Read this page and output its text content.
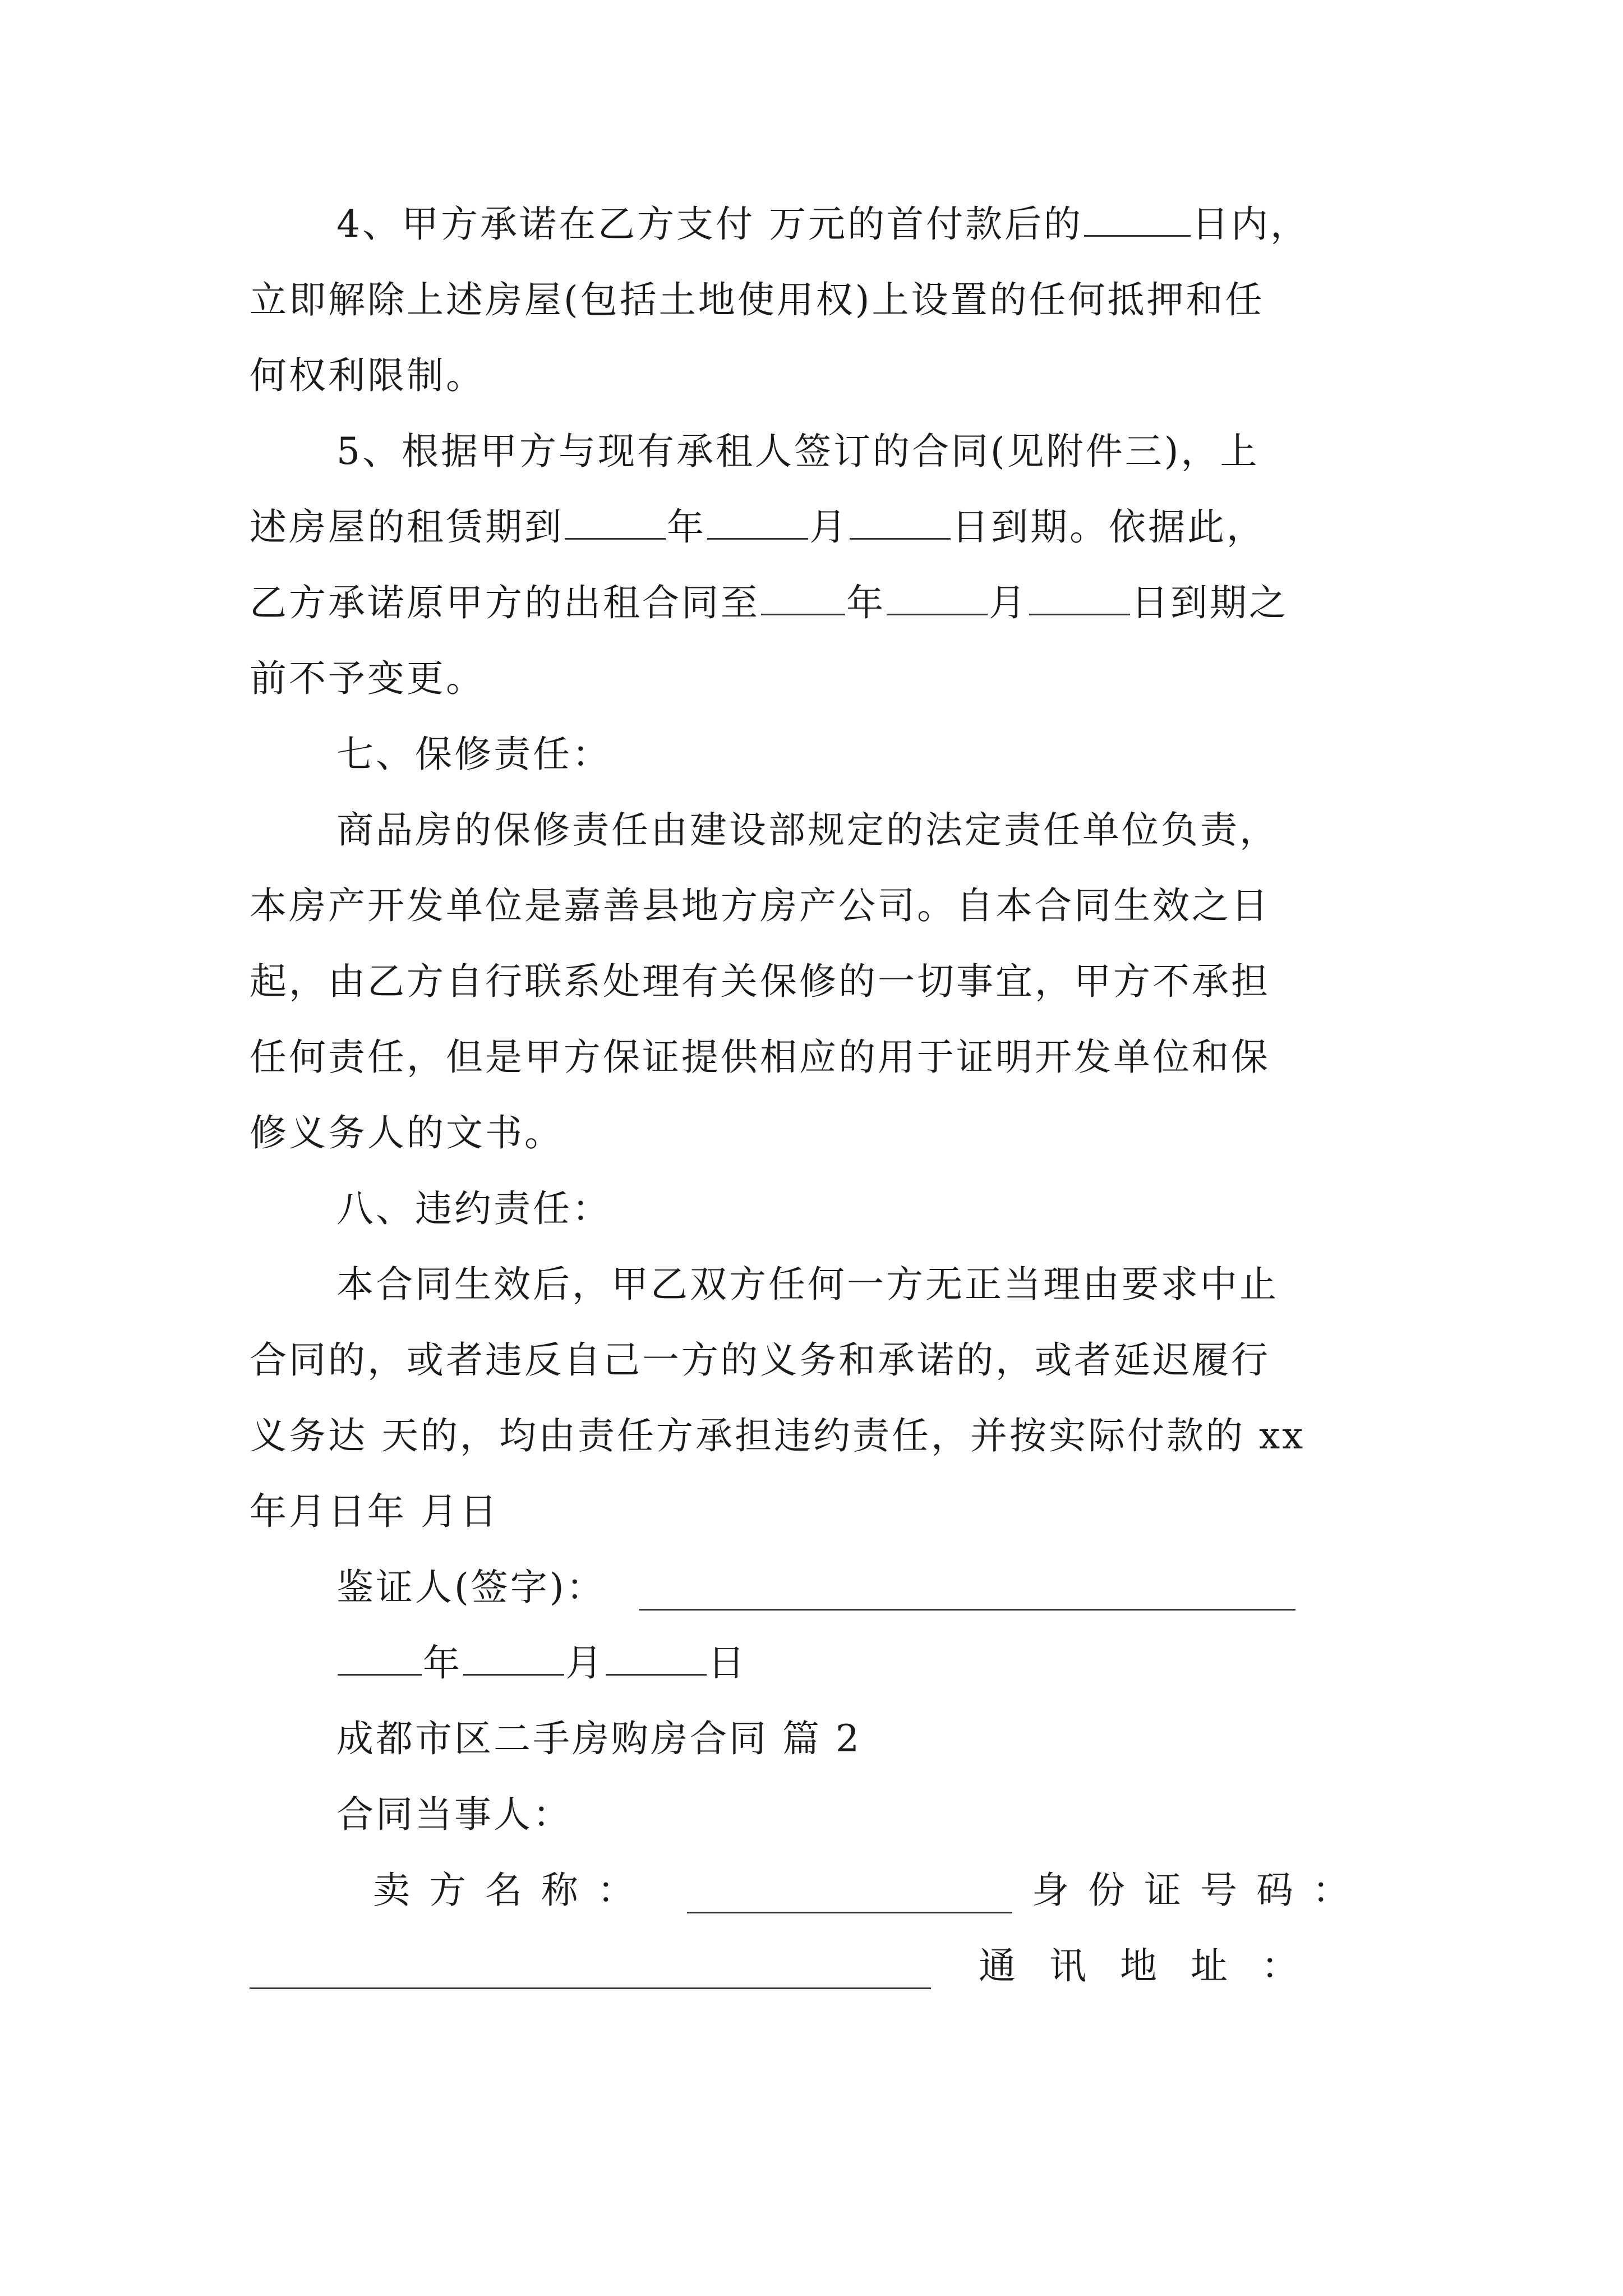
4、甲方承诺在乙方支付 万元的首付款后的	日内，
立即解除上述房屋(包括土地使用权)上设置的任何抵押和任
何权利限制。
5、根据甲方与现有承租人签订的合同(见附件三)，上
述房屋的租赁期到	年	月	日到期。依据此，
乙方承诺原甲方的出租合同至 年	月	日到期之
前不予变更。
七、保修责任：
商品房的保修责任由建设部规定的法定责任单位负责，
本房产开发单位是嘉善县地方房产公司。自本合同生效之日
起，由乙方自行联系处理有关保修的一切事宜，甲方不承担
任何责任，但是甲方保证提供相应的用于证明开发单位和保
修义务人的文书。
八、违约责任：
本合同生效后，甲乙双方任何一方无正当理由要求中止
合同的，或者违反自己一方的义务和承诺的，或者延迟履行
义务达 天的，均由责任方承担违约责任，并按实际付款的 xx
年月日年 月日
鉴证人(签字)：
年	月	日
成都市区二手房购房合同 篇 2
合同当事人：
卖方名称：	身份证号码：
通讯地址：
